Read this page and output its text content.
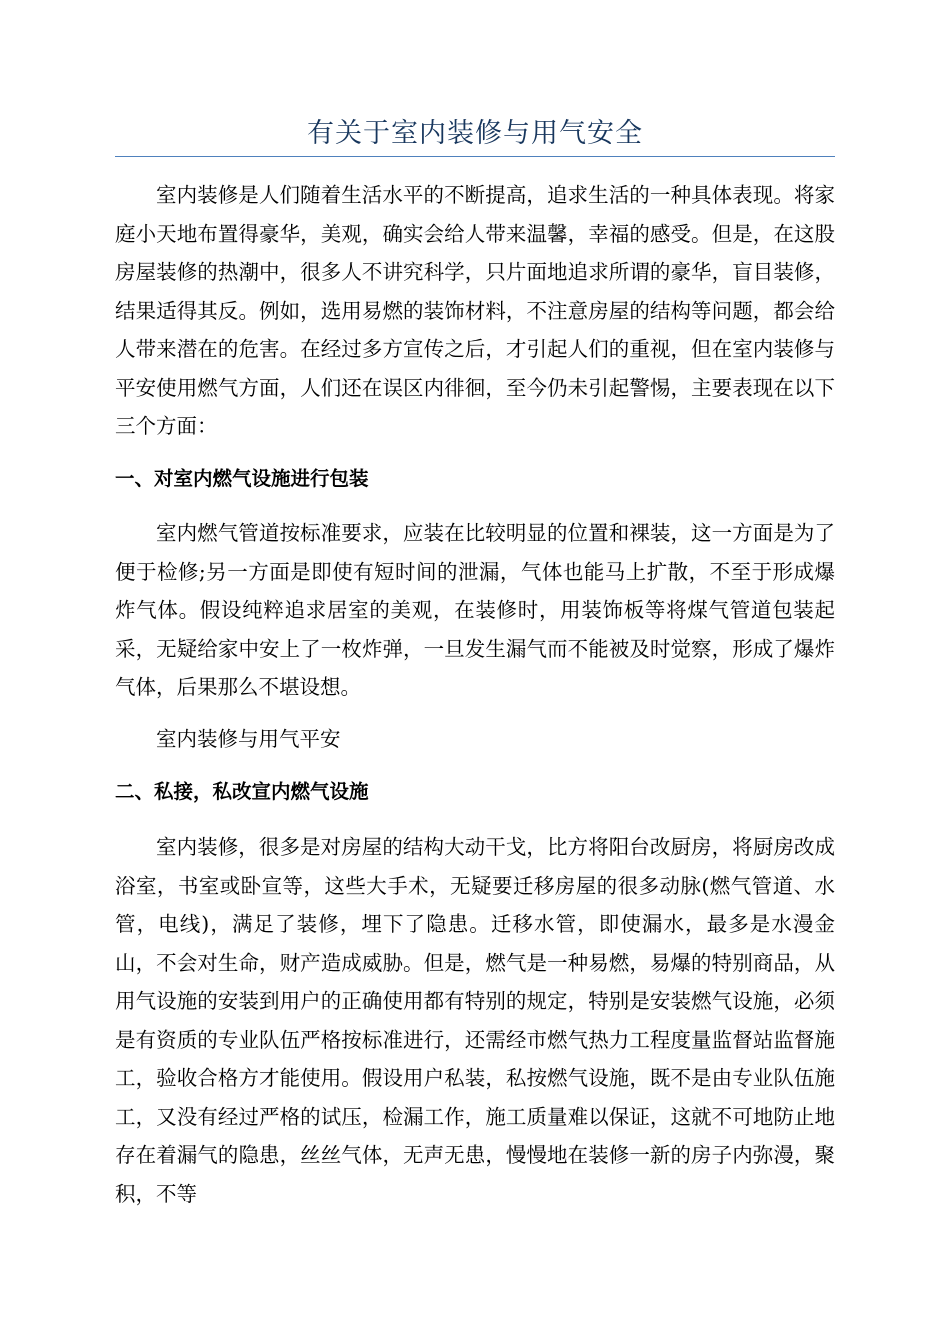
有关于室内装修与用气安全

室内装修是人们随着生活水平的不断提高，追求生活的一种具体表现。将家庭小天地布置得豪华，美观，确实会给人带来温馨，幸福的感受。但是，在这股房屋装修的热潮中，很多人不讲究科学，只片面地追求所谓的豪华，盲目装修，结果适得其反。例如，选用易燃的装饰材料，不注意房屋的结构等问题，都会给人带来潜在的危害。在经过多方宣传之后，才引起人们的重视，但在室内装修与平安使用燃气方面，人们还在误区内徘徊，至今仍未引起警惕，主要表现在以下三个方面：

一、对室内燃气设施进行包装

室内燃气管道按标准要求，应装在比较明显的位置和裸装，这一方面是为了便于检修;另一方面是即使有短时间的泄漏，气体也能马上扩散，不至于形成爆炸气体。假设纯粹追求居室的美观，在装修时，用装饰板等将煤气管道包装起采，无疑给家中安上了一枚炸弹，一旦发生漏气而不能被及时觉察，形成了爆炸气体，后果那么不堪设想。

室内装修与用气平安

二、私接，私改宣内燃气设施

室内装修，很多是对房屋的结构大动干戈，比方将阳台改厨房，将厨房改成浴室，书室或卧宣等，这些大手术，无疑要迁移房屋的很多动脉(燃气管道、水管，电线)，满足了装修，埋下了隐患。迁移水管，即使漏水，最多是水漫金山，不会对生命，财产造成威胁。但是，燃气是一种易燃，易爆的特别商品，从用气设施的安装到用户的正确使用都有特别的规定，特别是安装燃气设施，必须是有资质的专业队伍严格按标准进行，还需经市燃气热力工程度量监督站监督施工，验收合格方才能使用。假设用户私装，私按燃气设施，既不是由专业队伍施工，又没有经过严格的试压，检漏工作，施工质量难以保证，这就不可地防止地存在着漏气的隐患，丝丝气体，无声无患，慢慢地在装修一新的房子内弥漫，聚积，不等
